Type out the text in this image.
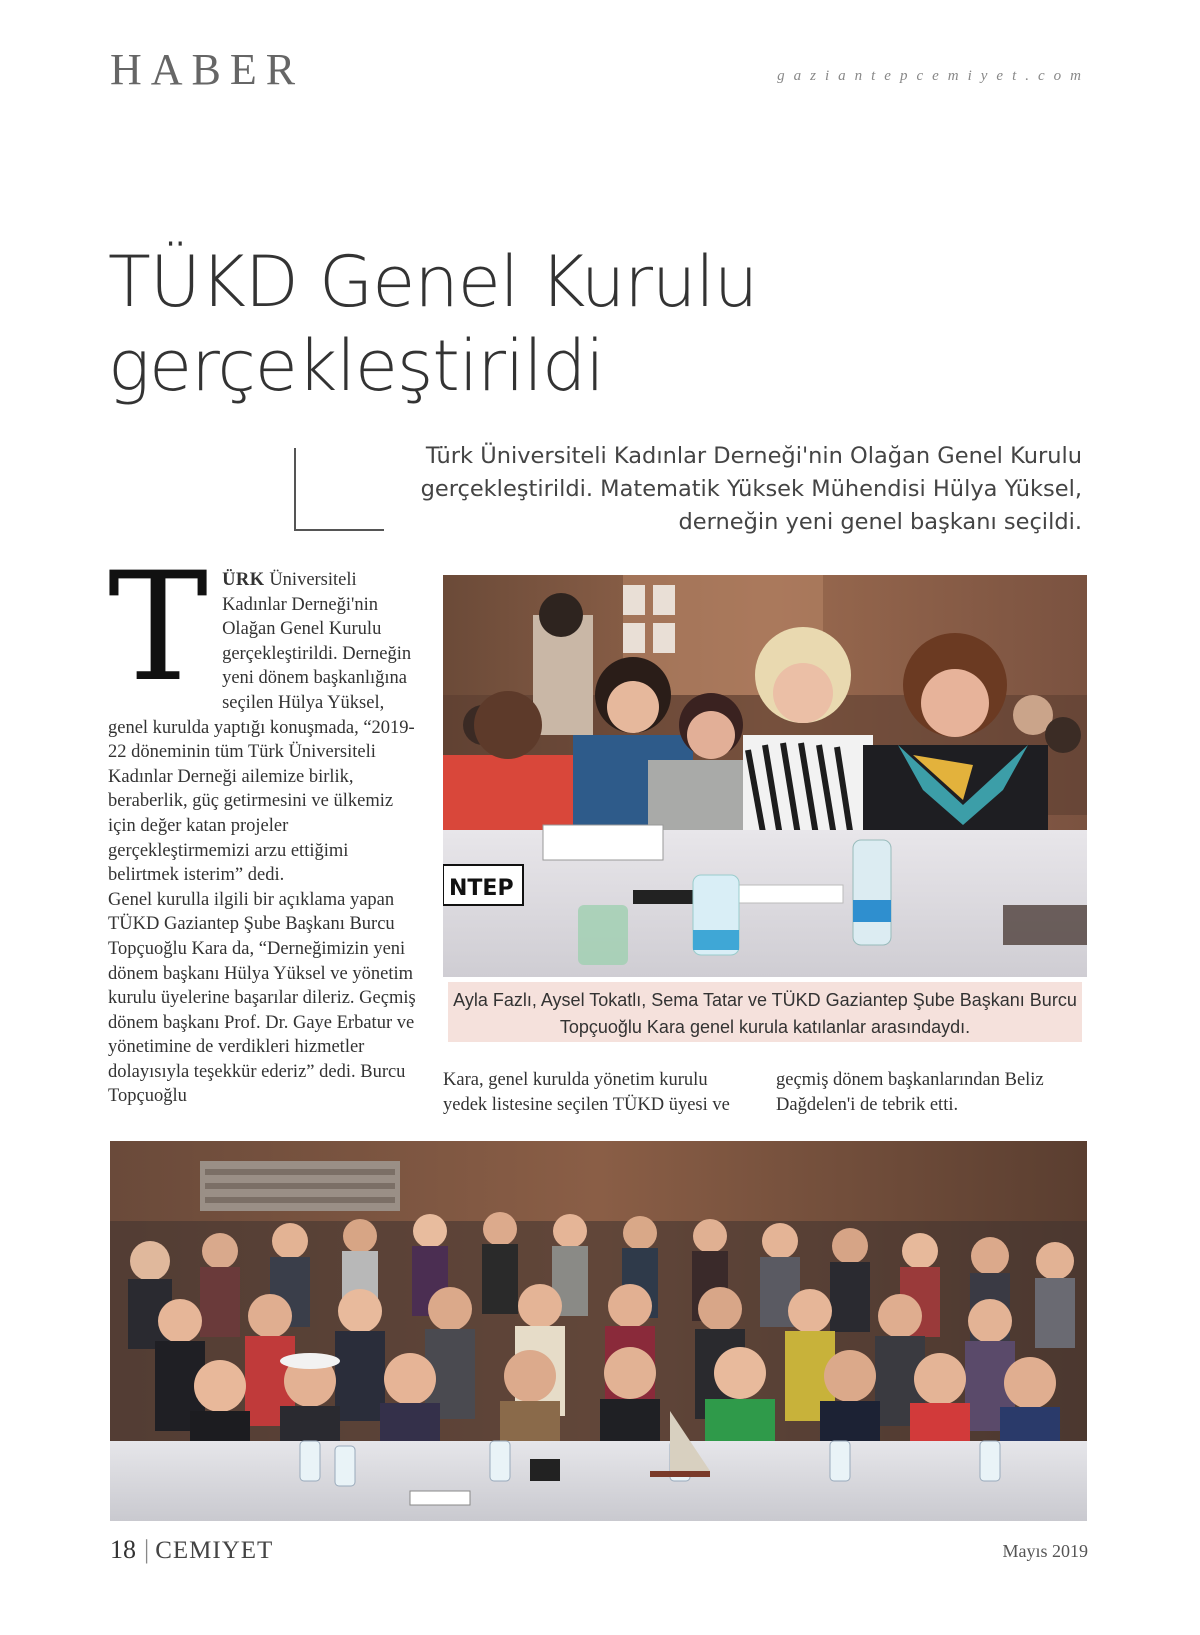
HABER	gaziantepcemiyet.com
TÜKD Genel Kurulu
gerçekleştirildi

Türk Üniversiteli Kadınlar Derneği'nin Olağan Genel Kurulu gerçekleştirildi. Matematik Yüksek Mühendisi Hülya Yüksel, derneğin yeni genel başkanı seçildi.

T ÜRK Üniversiteli Kadınlar Derneği'nin Olağan Genel Kurulu gerçekleştirildi. Derneğin yeni dönem başkanlığına seçilen Hülya Yüksel, genel kurulda yaptığı konuşmada, “2019-22 döneminin tüm Türk Üniversiteli Kadınlar Derneği ailemize birlik, beraberlik, güç getirmesini ve ülkemiz için değer katan projeler gerçekleştirmemizi arzu ettiğimi belirtmek isterim” dedi.
Genel kurulla ilgili bir açıklama yapan TÜKD Gaziantep Şube Başkanı Burcu Topçuoğlu Kara da, “Derneğimizin yeni dönem başkanı Hülya Yüksel ve yönetim kurulu üyelerine başarılar dileriz. Geçmiş dönem başkanı Prof. Dr. Gaye Erbatur ve yönetimine de verdikleri hizmetler dolayısıyla teşekkür ederiz” dedi. Burcu Topçuoğlu
NTEP
Ayla Fazlı, Aysel Tokatlı, Sema Tatar ve TÜKD Gaziantep Şube Başkanı Burcu Topçuoğlu Kara genel kurula katılanlar arasındaydı.
Kara, genel kurulda yönetim kurulu yedek listesine seçilen TÜKD üyesi ve
geçmiş dönem başkanlarından Beliz Dağdelen'i de tebrik etti.
18 | CEMIYET	Mayıs 2019
